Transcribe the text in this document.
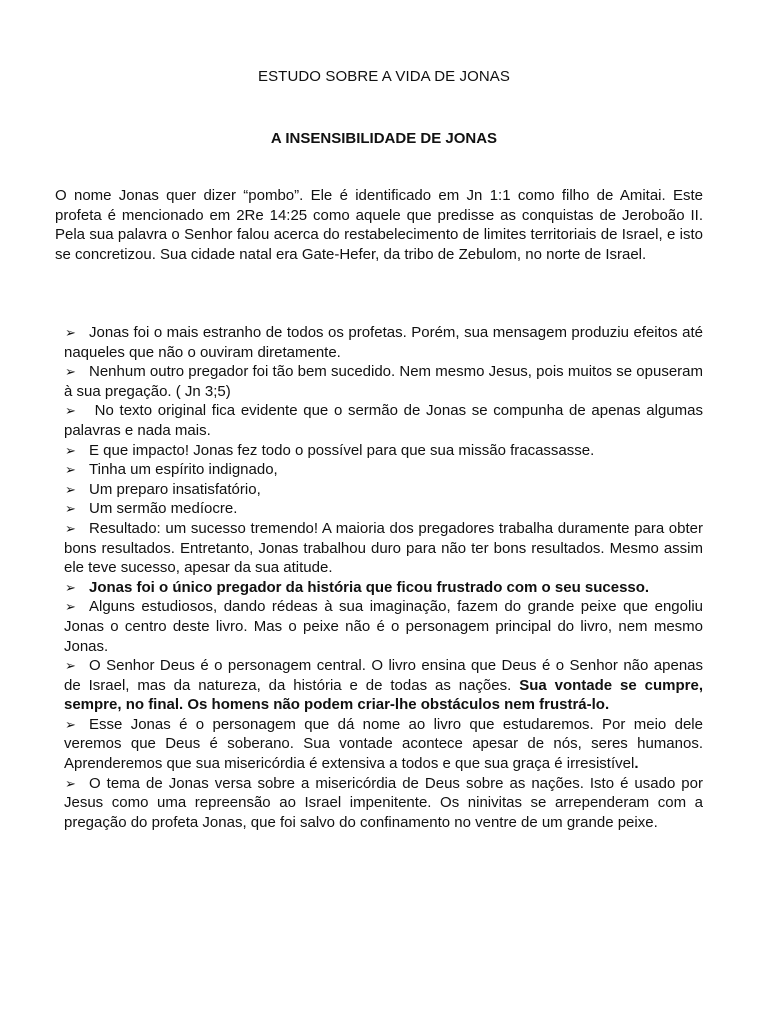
ESTUDO SOBRE A VIDA DE JONAS
A INSENSIBILIDADE DE JONAS
O nome Jonas quer dizer “pombo”. Ele é identificado em Jn 1:1 como filho de Amitai. Este profeta é mencionado em 2Re 14:25 como aquele que predisse as conquistas de Jeroboão II. Pela sua palavra o Senhor falou acerca do restabelecimento de limites territoriais de Israel, e isto se concretizou. Sua cidade natal era Gate-Hefer, da tribo de Zebulom, no norte de Israel.
➢ Jonas foi o mais estranho de todos os profetas. Porém, sua mensagem produziu efeitos até naqueles que não o ouviram diretamente.
➢ Nenhum outro pregador foi tão bem sucedido. Nem mesmo Jesus, pois muitos se opuseram à sua pregação. ( Jn 3;5)
➢ No texto original fica evidente que o sermão de Jonas se compunha de apenas algumas palavras e nada mais.
➢ E que impacto! Jonas fez todo o possível para que sua missão fracassasse.
➢ Tinha um espírito indignado,
➢ Um preparo insatisfatório,
➢ Um sermão medíocre.
➢ Resultado: um sucesso tremendo! A maioria dos pregadores trabalha duramente para obter bons resultados. Entretanto, Jonas trabalhou duro para não ter bons resultados. Mesmo assim ele teve sucesso, apesar da sua atitude.
➢ Jonas foi o único pregador da história que ficou frustrado com o seu sucesso.
➢ Alguns estudiosos, dando rédeas à sua imaginação, fazem do grande peixe que engoliu Jonas o centro deste livro. Mas o peixe não é o personagem principal do livro, nem mesmo Jonas.
➢ O Senhor Deus é o personagem central. O livro ensina que Deus é o Senhor não apenas de Israel, mas da natureza, da história e de todas as nações. Sua vontade se cumpre, sempre, no final. Os homens não podem criar-lhe obstáculos nem frustrá-lo.
➢ Esse Jonas é o personagem que dá nome ao livro que estudaremos. Por meio dele veremos que Deus é soberano. Sua vontade acontece apesar de nós, seres humanos. Aprenderemos que sua misericórdia é extensiva a todos e que sua graça é irresistível.
➢ O tema de Jonas versa sobre a misericórdia de Deus sobre as nações. Isto é usado por Jesus como uma repreensão ao Israel impenitente. Os ninivitas se arrependeram com a pregação do profeta Jonas, que foi salvo do confinamento no ventre de um grande peixe.
